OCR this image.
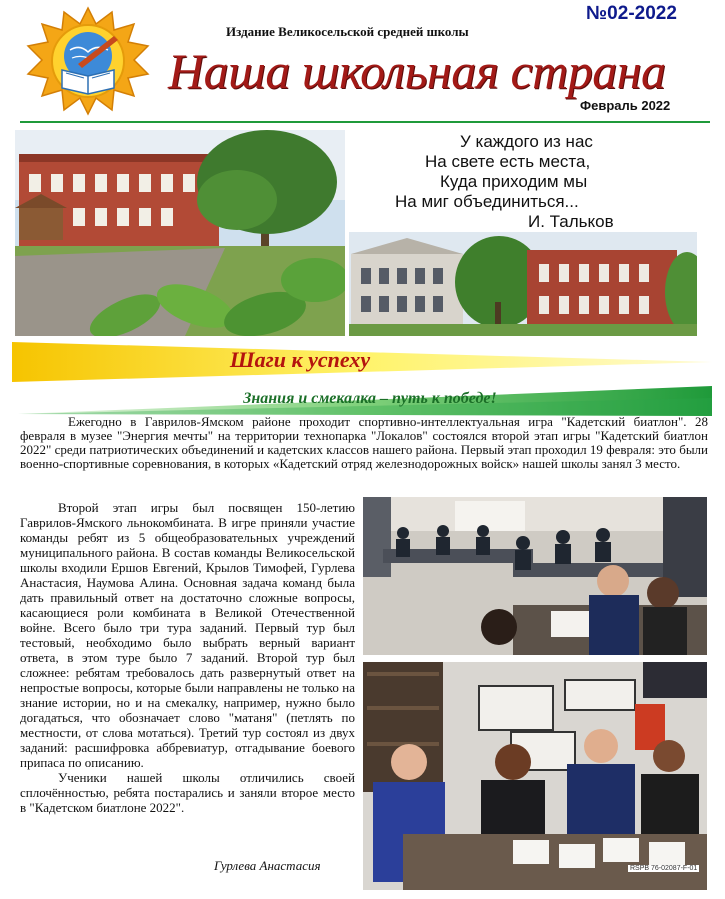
Издание Великосельской средней школы
№02-2022
Наша школьная страна
Февраль 2022
RSPB 76-02087-F-01
У каждого из нас
На свете есть места,
Куда приходим мы
На миг объединиться...
И. Тальков
Шаги к успеху
Знания и смекалка – путь к победе!
Ежегодно в Гаврилов-Ямском районе проходит спортивно-интеллектуальная игра "Кадетский биатлон". 28 февраля в музее "Энергия мечты" на территории технопарка "Локалов" состоялся второй этап игры "Кадетский биатлон 2022" среди патриотических объединений и кадетских классов нашего района. Первый этап проходил 19 февраля: это были военно-спортивные соревнования, в которых «Кадетский отряд железнодорожных войск» нашей школы занял 3 место.

Второй этап игры был посвящен 150-летию Гаврилов-Ямского льнокомбината. В игре приняли участие команды ребят из 5 общеобразовательных учреждений муниципального района. В состав команды Великосельской школы входили Ершов Евгений, Крылов Тимофей, Гурлева Анастасия, Наумова Алина. Основная задача команд была дать правильный ответ на достаточно сложные вопросы, касающиеся роли комбината в Великой Отечественной войне. Всего было три тура заданий. Первый тур был тестовый, необходимо было выбрать верный вариант ответа, в этом туре было 7 заданий. Второй тур был сложнее: ребятам требовалось дать развернутый ответ на непростые вопросы, которые были направлены не только на знание истории, но и на смекалку, например, нужно было догадаться, что обозначает слово "матаня" (петлять по местности, от слова мотаться). Третий тур состоял из двух заданий: расшифровка аббревиатур, отгадывание боевого припаса по описанию.

Ученики нашей школы отличились своей сплочённостью, ребята постарались и заняли второе место в "Кадетском биатлоне 2022".

Гурлева Анастасия
